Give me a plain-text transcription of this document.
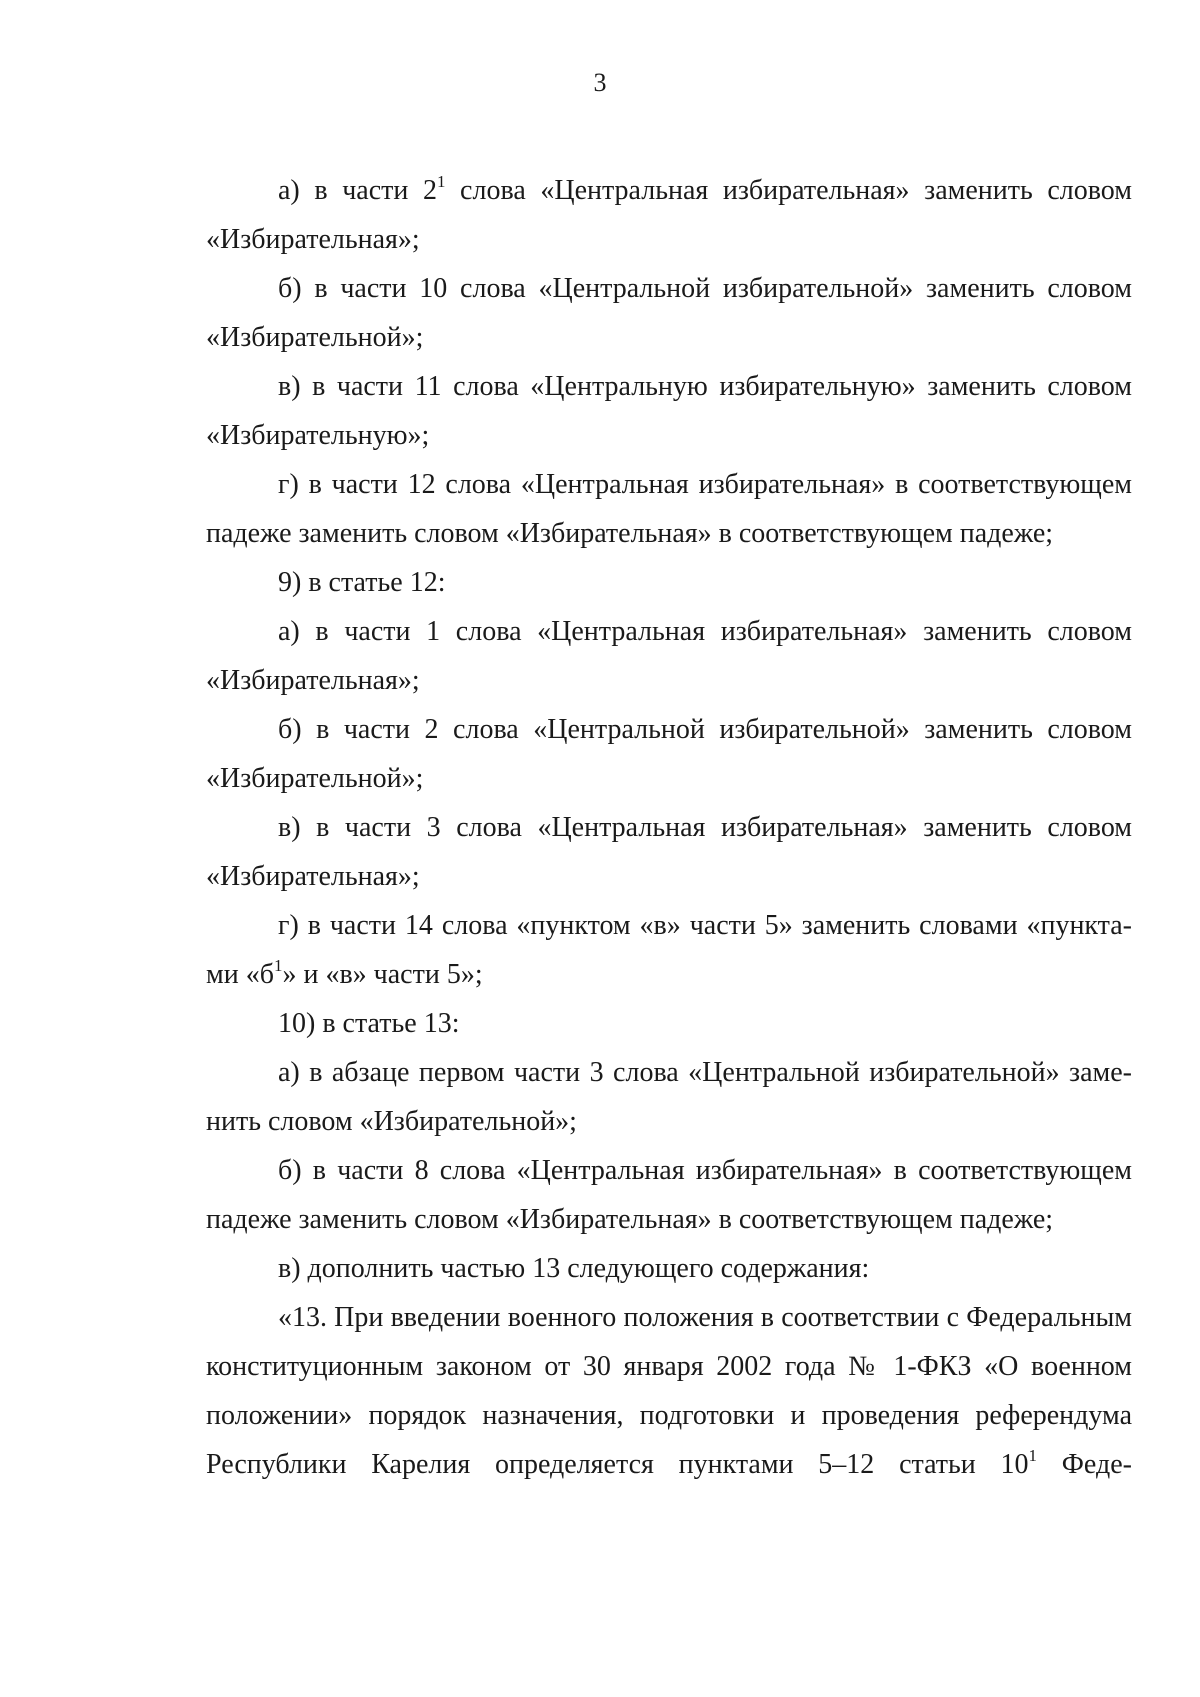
3

а) в части $2^1$ слова «Центральная избирательная» заменить словом «Избирательная»;

б) в части 10 слова «Центральной избирательной» заменить словом «Избирательной»;

в) в части 11 слова «Центральную избирательную» заменить словом «Избирательную»;

г) в части 12 слова «Центральная избирательная» в соответствующем падеже заменить словом «Избирательная» в соответствующем падеже;

9) в статье 12:

а) в части 1 слова «Центральная избирательная» заменить словом «Избирательная»;

б) в части 2 слова «Центральной избирательной» заменить словом «Избирательной»;

в) в части 3 слова «Центральная избирательная» заменить словом «Избирательная»;

г) в части 14 слова «пунктом «в» части 5» заменить словами «пунктами «$б^1$» и «в» части 5»;

10) в статье 13:

а) в абзаце первом части 3 слова «Центральной избирательной» заменить словом «Избирательной»;

б) в части 8 слова «Центральная избирательная» в соответствующем падеже заменить словом «Избирательная» в соответствующем падеже;

в) дополнить частью 13 следующего содержания:

«13. При введении военного положения в соответствии с Федеральным конституционным законом от 30 января 2002 года № 1-ФКЗ «О военном положении» порядок назначения, подготовки и проведения референдума Республики Карелия определяется пунктами 5–12 статьи $10^1$ Феде-
